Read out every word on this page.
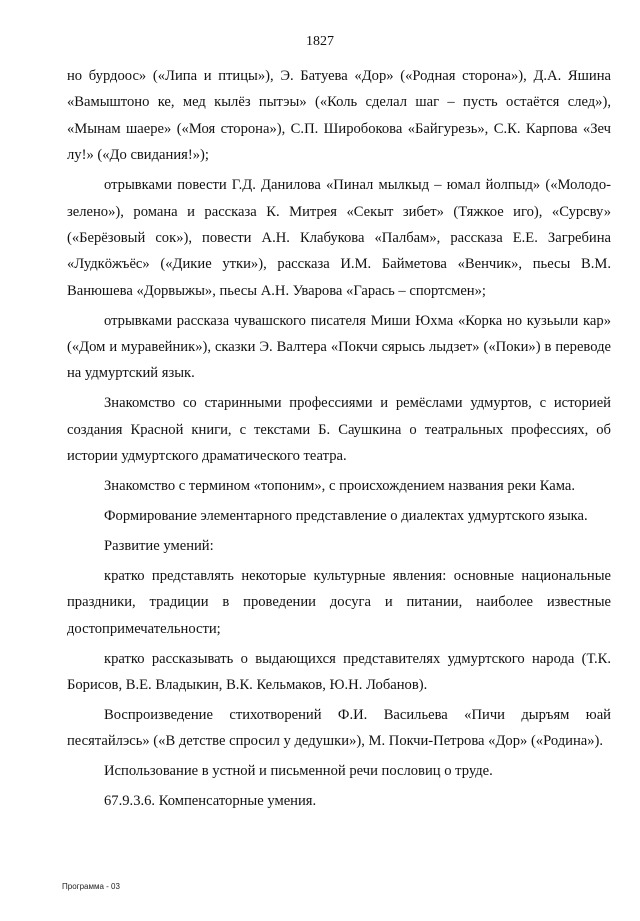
1827

но бурдоос» («Липа и птицы»), Э. Батуева «Дор» («Родная сторона»), Д.А. Яшина «Вамыштоно ке, мед кылёз пытэы» («Коль сделал шаг – пусть остаётся след»), «Мынам шаере» («Моя сторона»), С.П. Широбокова «Байгурезь», С.К. Карпова «Зеч лу!» («До свидания!»);

отрывками повести Г.Д. Данилова «Пинал мылкыд – юмал йолпыд» («Молодо-зелено»), романа и рассказа К. Митрея «Секыт зибет» (Тяжкое иго), «Сурсву» («Берёзовый сок»), повести А.Н. Клабукова «Палбам», рассказа Е.Е. Загребина «Лудкӧжъёс» («Дикие утки»), рассказа И.М. Байметова «Венчик», пьесы В.М. Ванюшева «Дорвыжы», пьесы А.Н. Уварова «Гарась – спортсмен»;

отрывками рассказа чувашского писателя Миши Юхма «Корка но кузьыли кар» («Дом и муравейник»), сказки Э. Валтера «Покчи сярысь лыдзет» («Поки») в переводе на удмуртский язык.

Знакомство со старинными профессиями и ремёслами удмуртов, с историей создания Красной книги, с текстами Б. Саушкина о театральных профессиях, об истории удмуртского драматического театра.

Знакомство с термином «топоним», с происхождением названия реки Кама.

Формирование элементарного представление о диалектах удмуртского языка.

Развитие умений:

кратко представлять некоторые культурные явления: основные национальные праздники, традиции в проведении досуга и питании, наиболее известные достопримечательности;

кратко рассказывать о выдающихся представителях удмуртского народа (Т.К. Борисов, В.Е. Владыкин, В.К. Кельмаков, Ю.Н. Лобанов).

Воспроизведение стихотворений Ф.И. Васильева «Пичи дыръям юай песятайлэсь» («В детстве спросил у дедушки»), М. Покчи-Петрова «Дор» («Родина»).

Использование в устной и письменной речи пословиц о труде.

67.9.3.6. Компенсаторные умения.

Программа - 03
